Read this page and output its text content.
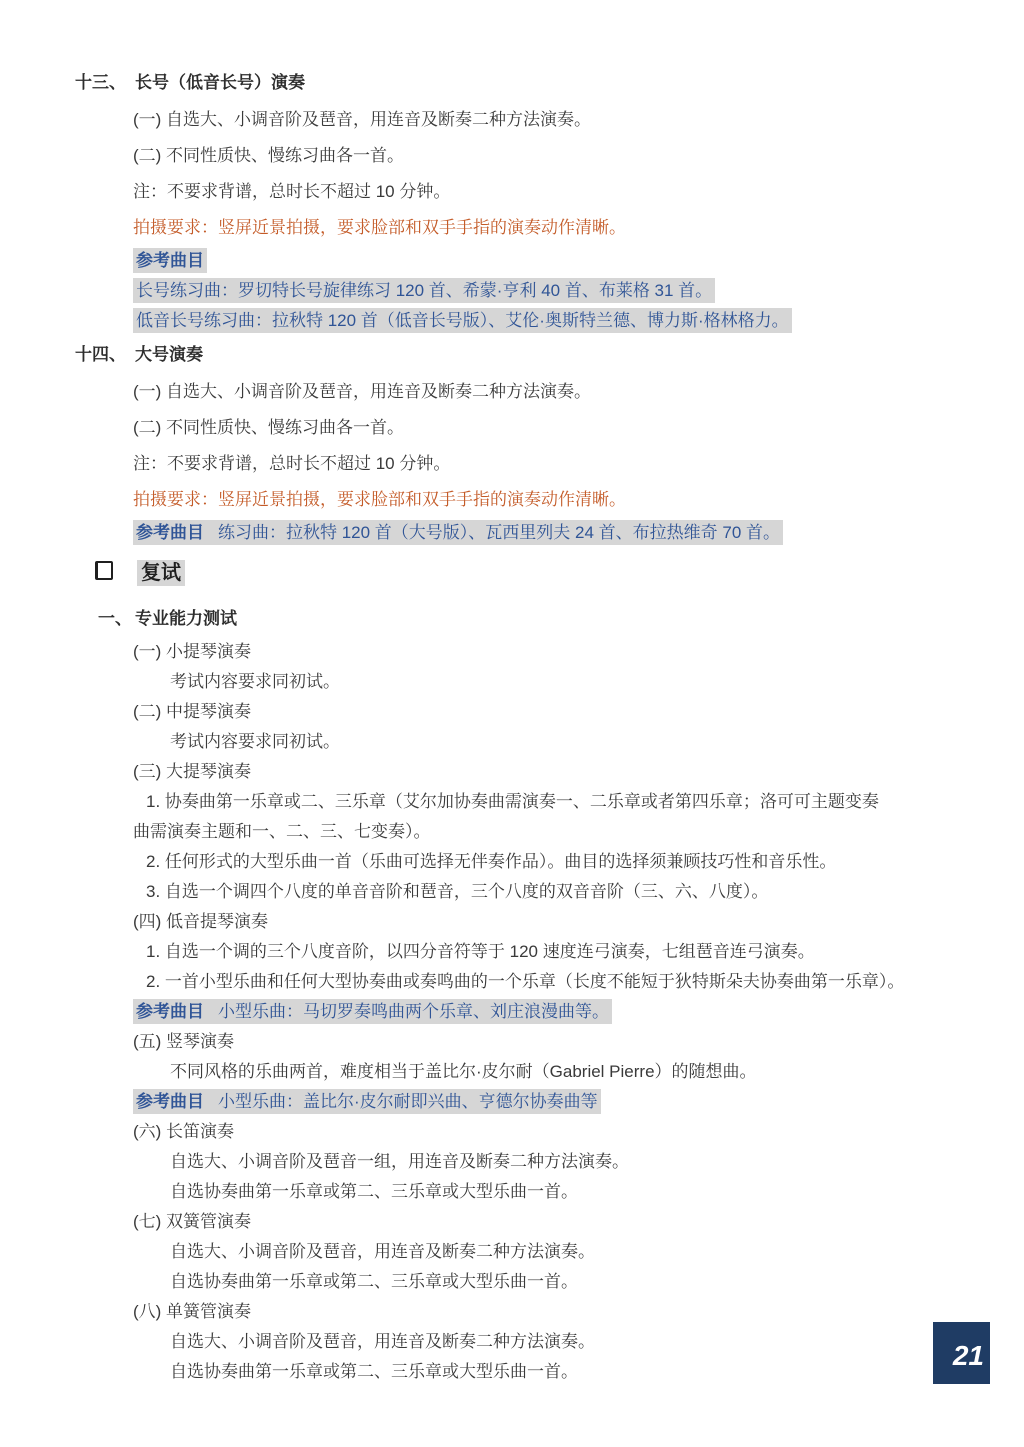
十三、 长号（低音长号）演奏
(一) 自选大、小调音阶及琶音，用连音及断奏二种方法演奏。
(二) 不同性质快、慢练习曲各一首。
注：不要求背谱，总时长不超过 10 分钟。
拍摄要求：竖屏近景拍摄，要求脸部和双手手指的演奏动作清晰。
参考曲目
长号练习曲：罗切特长号旋律练习 120 首、希蒙·亨利 40 首、布莱格 31 首。
低音长号练习曲：拉秋特 120 首（低音长号版）、艾伦·奥斯特兰德、博力斯·格林格力。
十四、 大号演奏
(一) 自选大、小调音阶及琶音，用连音及断奏二种方法演奏。
(二) 不同性质快、慢练习曲各一首。
注：不要求背谱，总时长不超过 10 分钟。
拍摄要求：竖屏近景拍摄，要求脸部和双手手指的演奏动作清晰。
参考曲目 练习曲：拉秋特 120 首（大号版）、瓦西里列夫 24 首、布拉热维奇 70 首。
复试
一、 专业能力测试
(一) 小提琴演奏
考试内容要求同初试。
(二) 中提琴演奏
考试内容要求同初试。
(三) 大提琴演奏
1. 协奏曲第一乐章或二、三乐章（艾尔加协奏曲需演奏一、二乐章或者第四乐章；洛可可主题变奏
曲需演奏主题和一、二、三、七变奏）。
2. 任何形式的大型乐曲一首（乐曲可选择无伴奏作品）。曲目的选择须兼顾技巧性和音乐性。
3. 自选一个调四个八度的单音音阶和琶音，三个八度的双音音阶（三、六、八度）。
(四) 低音提琴演奏
1. 自选一个调的三个八度音阶，以四分音符等于 120 速度连弓演奏，七组琶音连弓演奏。
2. 一首小型乐曲和任何大型协奏曲或奏鸣曲的一个乐章（长度不能短于狄特斯朵夫协奏曲第一乐章）。
参考曲目 小型乐曲：马切罗奏鸣曲两个乐章、刘庄浪漫曲等。
(五) 竖琴演奏
不同风格的乐曲两首，难度相当于盖比尔·皮尔耐（Gabriel Pierre）的随想曲。
参考曲目 小型乐曲：盖比尔·皮尔耐即兴曲、亨德尔协奏曲等
(六) 长笛演奏
自选大、小调音阶及琶音一组，用连音及断奏二种方法演奏。
自选协奏曲第一乐章或第二、三乐章或大型乐曲一首。
(七) 双簧管演奏
自选大、小调音阶及琶音，用连音及断奏二种方法演奏。
自选协奏曲第一乐章或第二、三乐章或大型乐曲一首。
(八) 单簧管演奏
自选大、小调音阶及琶音，用连音及断奏二种方法演奏。
自选协奏曲第一乐章或第二、三乐章或大型乐曲一首。
21
